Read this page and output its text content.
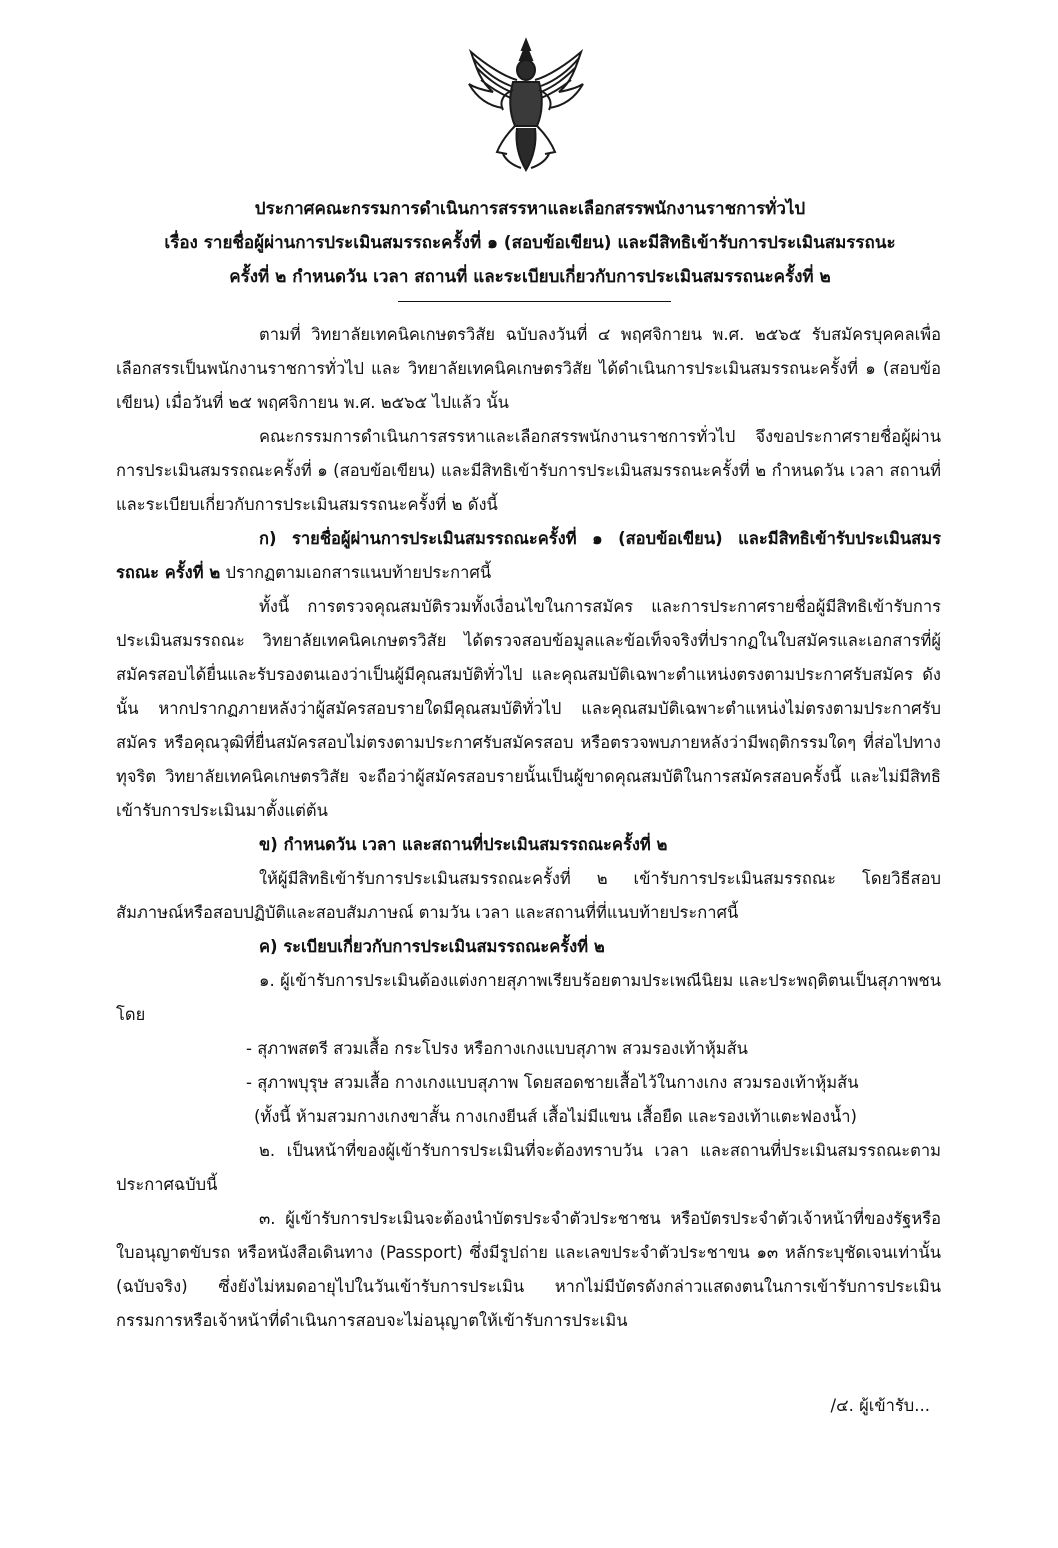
ประกาศคณะกรรมการดำเนินการสรรหาและเลือกสรรพนักงานราชการทั่วไป
เรื่อง รายชื่อผู้ผ่านการประเมินสมรรถะครั้งที่ ๑ (สอบข้อเขียน) และมีสิทธิเข้ารับการประเมินสมรรถนะ
ครั้งที่ ๒ กำหนดวัน เวลา สถานที่ และระเบียบเกี่ยวกับการประเมินสมรรถนะครั้งที่ ๒

ตามที่ วิทยาลัยเทคนิคเกษตรวิสัย ฉบับลงวันที่ ๔ พฤศจิกายน พ.ศ. ๒๕๖๕ รับสมัครบุคคลเพื่อเลือกสรรเป็นพนักงานราชการทั่วไป และ วิทยาลัยเทคนิคเกษตรวิสัย ได้ดำเนินการประเมินสมรรถนะครั้งที่ ๑ (สอบข้อเขียน) เมื่อวันที่ ๒๕ พฤศจิกายน พ.ศ. ๒๕๖๕ ไปแล้ว นั้น

คณะกรรมการดำเนินการสรรหาและเลือกสรรพนักงานราชการทั่วไป จึงขอประกาศรายชื่อผู้ผ่านการประเมินสมรรถณะครั้งที่ ๑ (สอบข้อเขียน) และมีสิทธิเข้ารับการประเมินสมรรถนะครั้งที่ ๒ กำหนดวัน เวลา สถานที่และระเบียบเกี่ยวกับการประเมินสมรรถนะครั้งที่ ๒ ดังนี้

ก) รายชื่อผู้ผ่านการประเมินสมรรถณะครั้งที่ ๑ (สอบข้อเขียน) และมีสิทธิเข้ารับประเมินสมรรถณะ ครั้งที่ ๒ ปรากฏตามเอกสารแนบท้ายประกาศนี้

ทั้งนี้ การตรวจคุณสมบัติรวมทั้งเงื่อนไขในการสมัคร และการประกาศรายชื่อผู้มีสิทธิเข้ารับการประเมินสมรรถณะ วิทยาลัยเทคนิคเกษตรวิสัย ได้ตรวจสอบข้อมูลและข้อเท็จจริงที่ปรากฏในใบสมัครและเอกสารที่ผู้สมัครสอบได้ยื่นและรับรองตนเองว่าเป็นผู้มีคุณสมบัติทั่วไป และคุณสมบัติเฉพาะตำแหน่งตรงตามประกาศรับสมัคร ดังนั้น หากปรากฏภายหลังว่าผู้สมัครสอบรายใดมีคุณสมบัติทั่วไป และคุณสมบัติเฉพาะตำแหน่งไม่ตรงตามประกาศรับสมัคร หรือคุณวุฒิที่ยื่นสมัครสอบไม่ตรงตามประกาศรับสมัครสอบ หรือตรวจพบภายหลังว่ามีพฤติกรรมใดๆ ที่ส่อไปทางทุจริต วิทยาลัยเทคนิคเกษตรวิสัย จะถือว่าผู้สมัครสอบรายนั้นเป็นผู้ขาดคุณสมบัติในการสมัครสอบครั้งนี้ และไม่มีสิทธิเข้ารับการประเมินมาตั้งแต่ต้น

ข) กำหนดวัน เวลา และสถานที่ประเมินสมรรถณะครั้งที่ ๒

ให้ผู้มีสิทธิเข้ารับการประเมินสมรรถณะครั้งที่ ๒ เข้ารับการประเมินสมรรถณะ โดยวิธีสอบสัมภาษณ์หรือสอบปฏิบัติและสอบสัมภาษณ์ ตามวัน เวลา และสถานที่ที่แนบท้ายประกาศนี้

ค) ระเบียบเกี่ยวกับการประเมินสมรรถณะครั้งที่ ๒

๑. ผู้เข้ารับการประเมินต้องแต่งกายสุภาพเรียบร้อยตามประเพณีนิยม และประพฤติตนเป็นสุภาพชน โดย

- สุภาพสตรี สวมเสื้อ กระโปรง หรือกางเกงแบบสุภาพ สวมรองเท้าหุ้มส้น

- สุภาพบุรุษ สวมเสื้อ กางเกงแบบสุภาพ โดยสอดชายเสื้อไว้ในกางเกง สวมรองเท้าหุ้มส้น

(ทั้งนี้ ห้ามสวมกางเกงขาสั้น กางเกงยีนส์ เสื้อไม่มีแขน เสื้อยืด และรองเท้าแตะฟองน้ำ)

๒. เป็นหน้าที่ของผู้เข้ารับการประเมินที่จะต้องทราบวัน เวลา และสถานที่ประเมินสมรรถณะตามประกาศฉบับนี้

๓. ผู้เข้ารับการประเมินจะต้องนำบัตรประจำตัวประชาชน หรือบัตรประจำตัวเจ้าหน้าที่ของรัฐหรือใบอนุญาตขับรถ หรือหนังสือเดินทาง (Passport) ซึ่งมีรูปถ่าย และเลขประจำตัวประชาขน ๑๓ หลักระบุชัดเจนเท่านั้น (ฉบับจริง) ซึ่งยังไม่หมดอายุไปในวันเข้ารับการประเมิน หากไม่มีบัตรดังกล่าวแสดงตนในการเข้ารับการประเมินกรรมการหรือเจ้าหน้าที่ดำเนินการสอบจะไม่อนุญาตให้เข้ารับการประเมิน

/๔. ผู้เข้ารับ...
